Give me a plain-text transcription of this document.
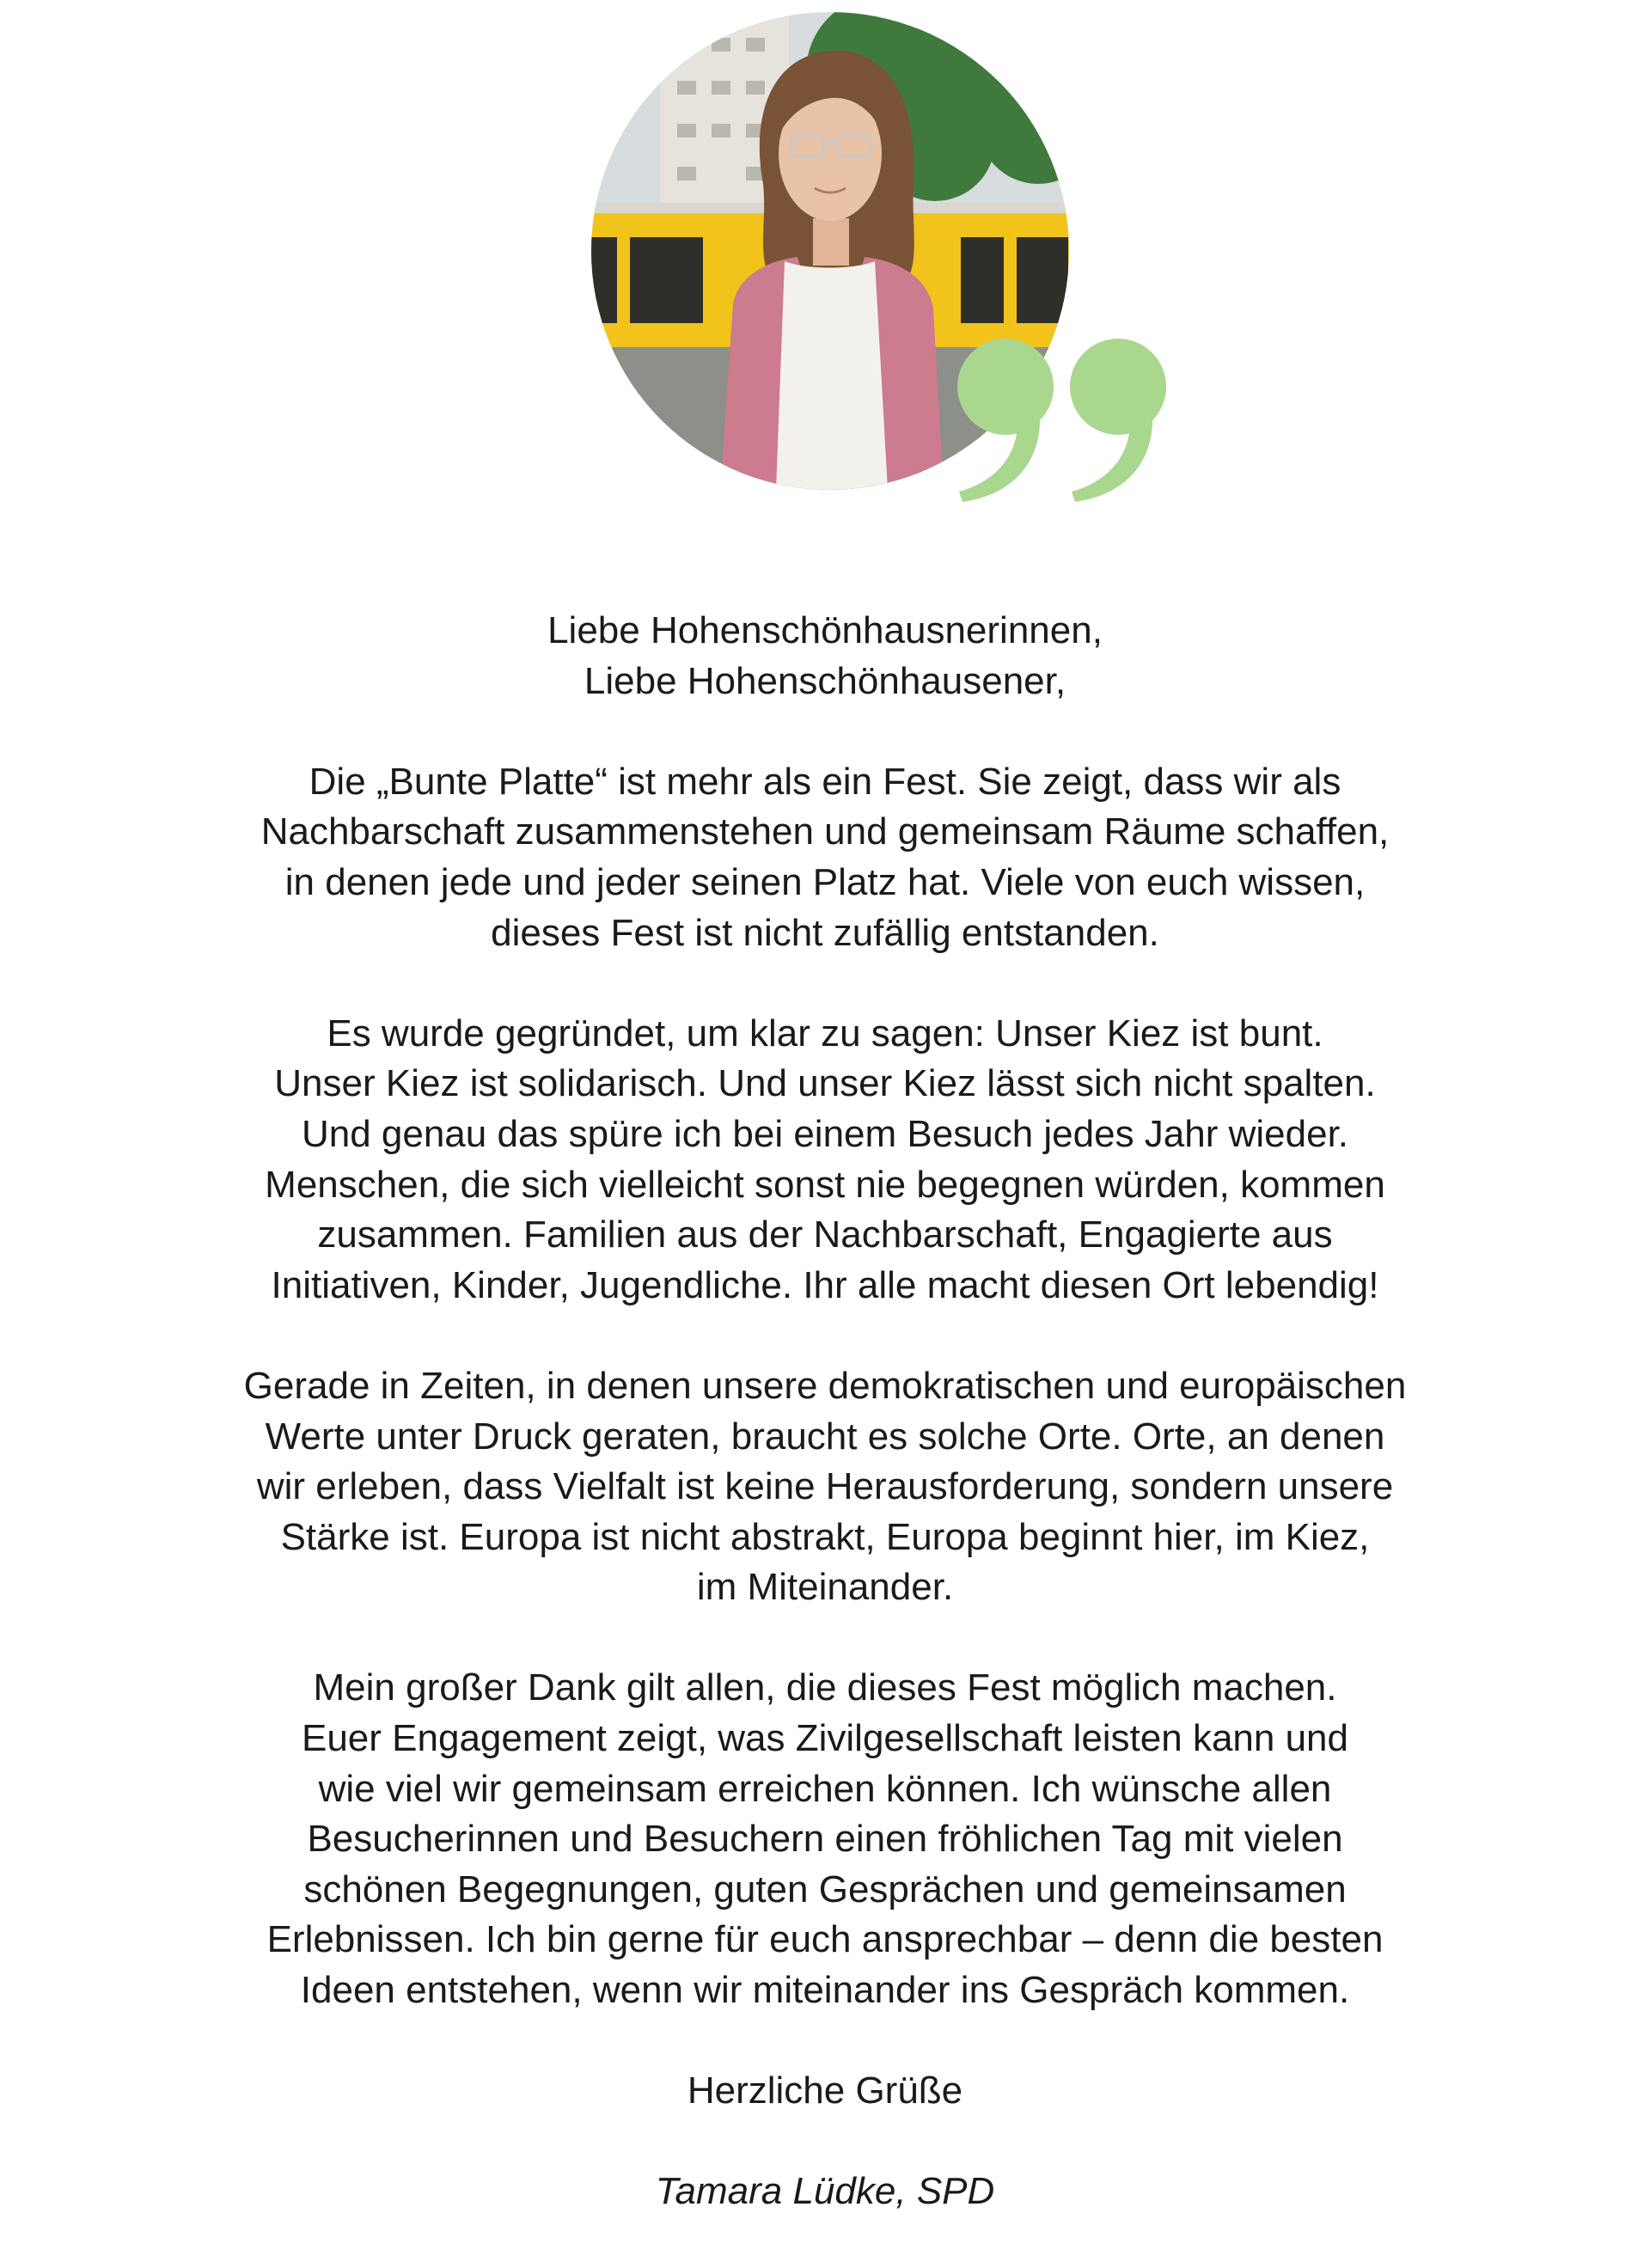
Liebe Hohenschönhausnerinnen,
Liebe Hohenschönhausener,

Die „Bunte Platte“ ist mehr als ein Fest. Sie zeigt, dass wir als
Nachbarschaft zusammenstehen und gemeinsam Räume schaffen,
in denen jede und jeder seinen Platz hat. Viele von euch wissen,
dieses Fest ist nicht zufällig entstanden.

Es wurde gegründet, um klar zu sagen: Unser Kiez ist bunt.
Unser Kiez ist solidarisch. Und unser Kiez lässt sich nicht spalten.
Und genau das spüre ich bei einem Besuch jedes Jahr wieder.
Menschen, die sich vielleicht sonst nie begegnen würden, kommen
zusammen. Familien aus der Nachbarschaft, Engagierte aus
Initiativen, Kinder, Jugendliche. Ihr alle macht diesen Ort lebendig!

Gerade in Zeiten, in denen unsere demokratischen und europäischen
Werte unter Druck geraten, braucht es solche Orte. Orte, an denen
wir erleben, dass Vielfalt ist keine Herausforderung, sondern unsere
Stärke ist. Europa ist nicht abstrakt, Europa beginnt hier, im Kiez,
im Miteinander.

Mein großer Dank gilt allen, die dieses Fest möglich machen.
Euer Engagement zeigt, was Zivilgesellschaft leisten kann und
wie viel wir gemeinsam erreichen können. Ich wünsche allen
Besucherinnen und Besuchern einen fröhlichen Tag mit vielen
schönen Begegnungen, guten Gesprächen und gemeinsamen
Erlebnissen. Ich bin gerne für euch ansprechbar – denn die besten
Ideen entstehen, wenn wir miteinander ins Gespräch kommen.

Herzliche Grüße

Tamara Lüdke, SPD
